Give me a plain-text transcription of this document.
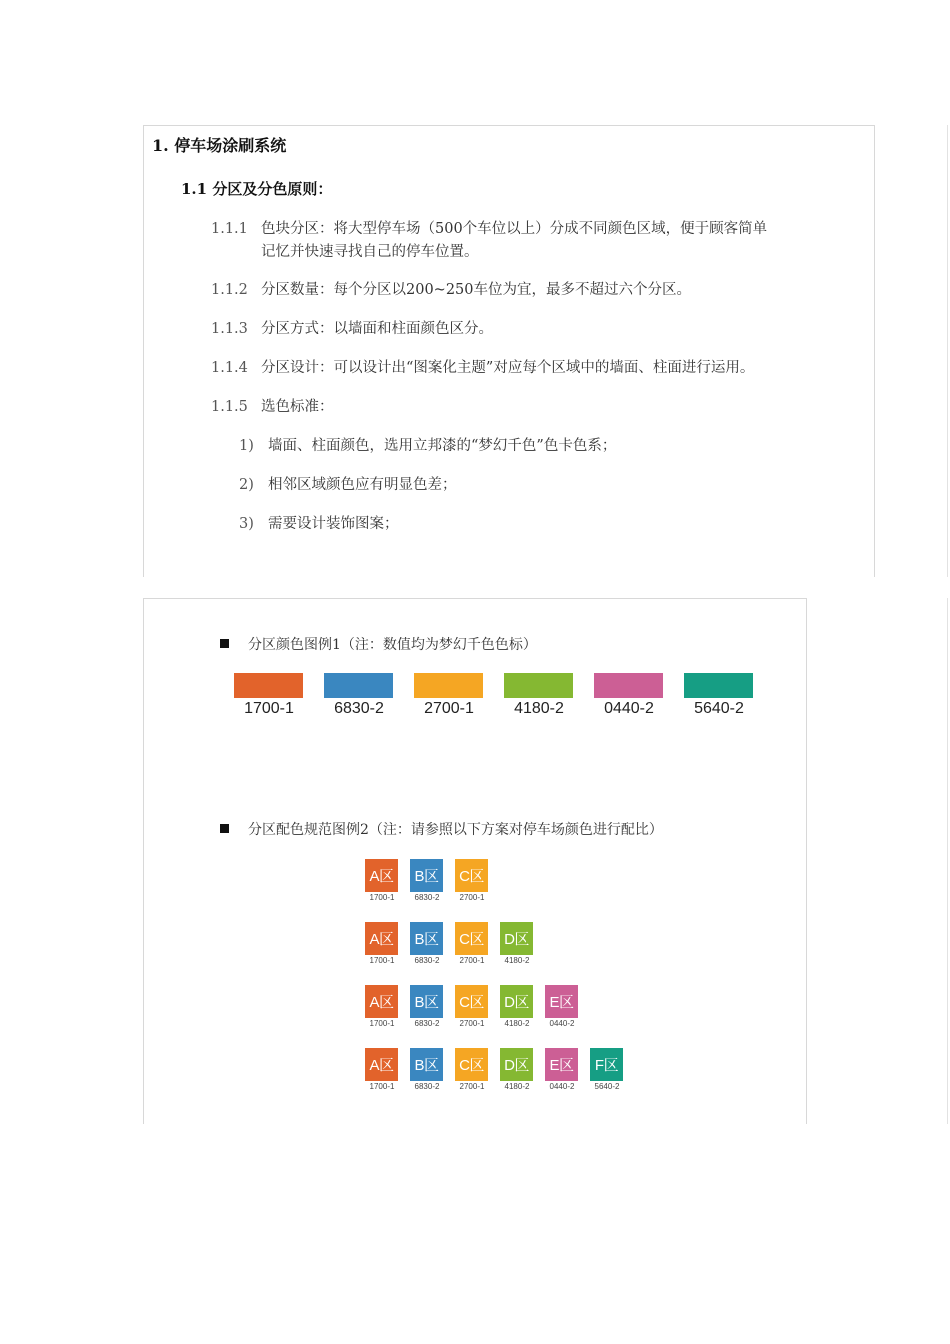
1. 停车场涂刷系统
1.1 分区及分色原则：
1.1.1 色块分区：将大型停车场（500个车位以上）分成不同颜色区域，便于顾客简单
记忆并快速寻找自己的停车位置。
1.1.2 分区数量：每个分区以200~250车位为宜，最多不超过六个分区。
1.1.3 分区方式：以墙面和柱面颜色区分。
1.1.4 分区设计：可以设计出“图案化主题”对应每个区域中的墙面、柱面进行运用。
1.1.5 选色标准：
1) 墙面、柱面颜色，选用立邦漆的“梦幻千色”色卡色系；
2) 相邻区域颜色应有明显色差；
3) 需要设计装饰图案；
分区颜色图例1（注：数值均为梦幻千色色标）
1700-1	6830-2	2700-1	4180-2	0440-2	5640-2
分区配色规范图例2（注：请参照以下方案对停车场颜色进行配比）
A区
1700-1
B区
6830-2
C区
2700-1
A区
1700-1
B区
6830-2
C区
2700-1
D区
4180-2
A区
1700-1
B区
6830-2
C区
2700-1
D区
4180-2
E区
0440-2
A区
1700-1
B区
6830-2
C区
2700-1
D区
4180-2
E区
0440-2
F区
5640-2
